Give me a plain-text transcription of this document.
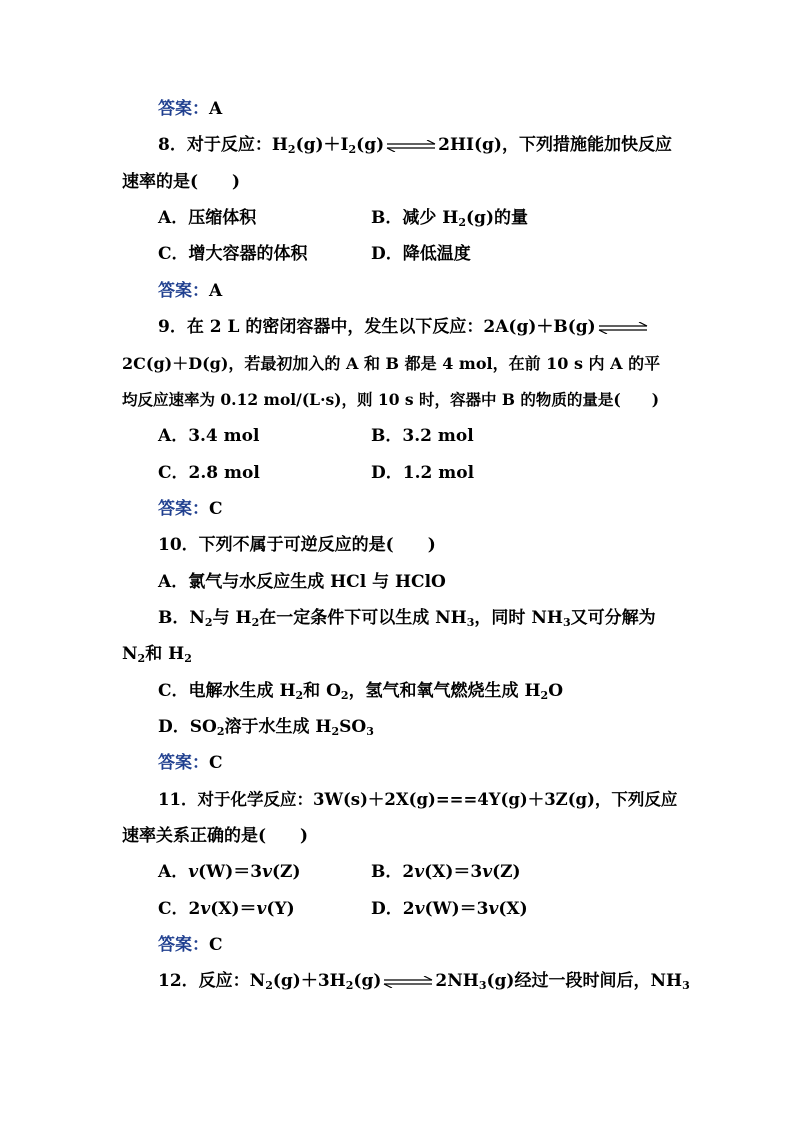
答案：A
8．对于反应：$H_2(g)+I_2(g)\rightleftharpoons 2HI(g)$，下列措施能加快反应
速率的是(　　)
A．压缩体积	B．减少 $H_2(g)$的量
C．增大容器的体积	D．降低温度
答案：A
9．在 2 L 的密闭容器中，发生以下反应：2A(g)＋B(g)⇌
2C(g)＋D(g)，若最初加入的 A 和 B 都是 4 mol，在前 10 s 内 A 的平
均反应速率为 0.12 mol/(L·s)，则 10 s 时，容器中 B 的物质的量是(　　)
A．3.4 mol	B．3.2 mol
C．2.8 mol	D．1.2 mol
答案：C
10．下列不属于可逆反应的是(　　)
A．氯气与水反应生成 HCl 与 HClO
B．$N_2$与 $H_2$在一定条件下可以生成 $NH_3$，同时 $NH_3$又可分解为
$N_2$和 $H_2$
C．电解水生成 $H_2$和 $O_2$，氢气和氧气燃烧生成 $H_2O$
D．$SO_2$溶于水生成 $H_2SO_3$
答案：C
11．对于化学反应：3W(s)＋2X(g)===4Y(g)＋3Z(g)，下列反应
速率关系正确的是(　　)
A．v(W)＝3v(Z)	B．2v(X)＝3v(Z)
C．2v(X)＝v(Y)	D．2v(W)＝3v(X)
答案：C
12．反应：$N_2(g)+3H_2(g)\rightleftharpoons 2NH_3(g)$经过一段时间后，$NH_3$
